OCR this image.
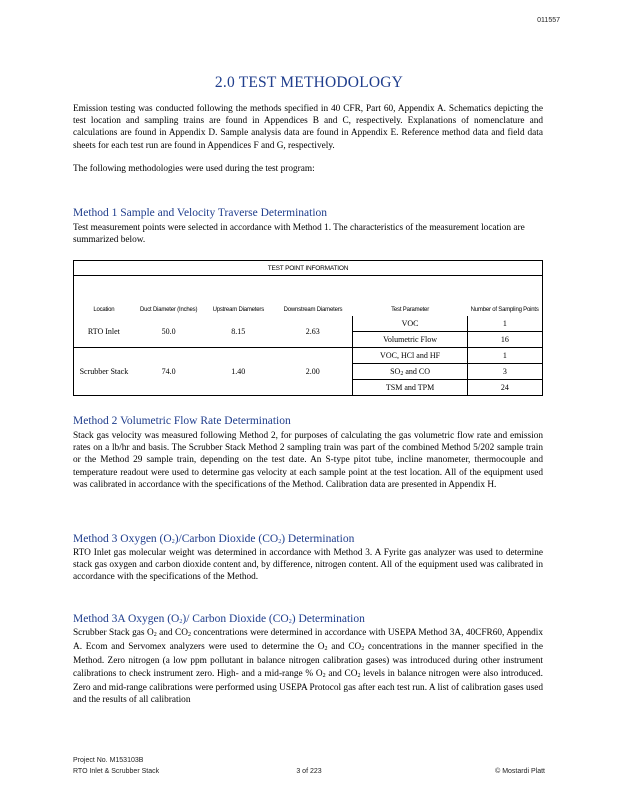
011557
2.0 TEST METHODOLOGY

Emission testing was conducted following the methods specified in 40 CFR, Part 60, Appendix A. Schematics depicting the test location and sampling trains are found in Appendices B and C, respectively. Explanations of nomenclature and calculations are found in Appendix D. Sample analysis data are found in Appendix E. Reference method data and field data sheets for each test run are found in Appendices F and G, respectively.

The following methodologies were used during the test program:

Method 1 Sample and Velocity Traverse Determination
Test measurement points were selected in accordance with Method 1. The characteristics of the measurement location are summarized below.
TEST POINT INFORMATION					
Location	Duct Diameter (Inches)	Upstream Diameters	Downstream Diameters	Test Parameter	Number of Sampling Points
RTO Inlet	50.0	8.15	2.63	VOC	1
				Volumetric Flow	16
Scrubber Stack	74.0	1.40	2.00	VOC, HCl and HF	1
				$SO_2$ and CO	3
				TSM and TPM	24
Method 2 Volumetric Flow Rate Determination
Stack gas velocity was measured following Method 2, for purposes of calculating the gas volumetric flow rate and emission rates on a lb/hr and basis. The Scrubber Stack Method 2 sampling train was part of the combined Method 5/202 sample train or the Method 29 sample train, depending on the test date. An S-type pitot tube, incline manometer, thermocouple and temperature readout were used to determine gas velocity at each sample point at the test location. All of the equipment used was calibrated in accordance with the specifications of the Method. Calibration data are presented in Appendix H.
Method 3 Oxygen $(O_2)$/Carbon Dioxide $(CO_2)$ Determination
RTO Inlet gas molecular weight was determined in accordance with Method 3. A Fyrite gas analyzer was used to determine stack gas oxygen and carbon dioxide content and, by difference, nitrogen content. All of the equipment used was calibrated in accordance with the specifications of the Method.
Method 3A Oxygen $(O_2)/$ Carbon Dioxide $(CO_2)$ Determination
Scrubber Stack gas $O_2$ and $CO_2$ concentrations were determined in accordance with USEPA Method 3A, 40CFR60, Appendix A. Ecom and Servomex analyzers were used to determine the $O_2$ and $CO_2$ concentrations in the manner specified in the Method. Zero nitrogen (a low ppm pollutant in balance nitrogen calibration gases) was introduced during other instrument calibrations to check instrument zero. High- and a mid-range % $O_2$ and $CO_2$ levels in balance nitrogen were also introduced. Zero and mid-range calibrations were performed using USEPA Protocol gas after each test run. A list of calibration gases used and the results of all calibration
Project No. M153103B
RTO Inlet & Scrubber Stack	3 of 223	© Mostardi Platt
